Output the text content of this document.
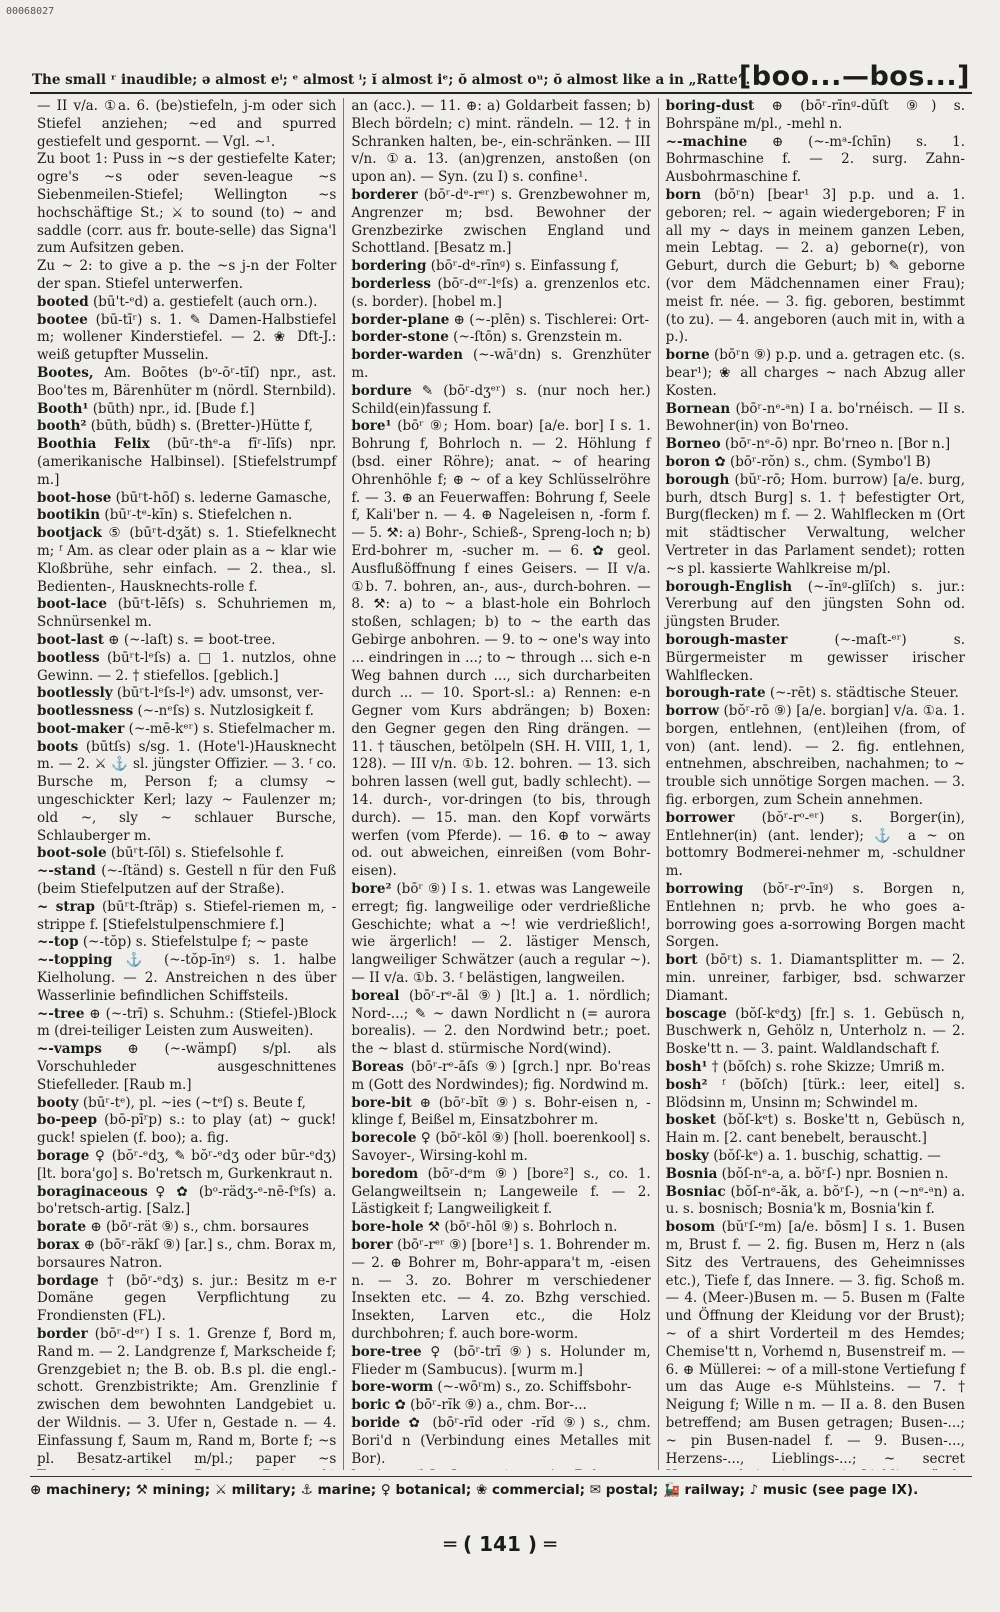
00068027
The small ʳ inaudible; ə almost eⁱ; ᵉ almost ⁱ; ĭ almost iᵉ; ŏ almost oᵘ; ŏ almost like a in „Ratte“.
[boo...—bos...]

— II v/a. ①a. 6. (be)stiefeln, j-m oder sich Stiefel anziehen; ~ed and spurred gestiefelt und gespornt. — Vgl. ~¹.

Zu boot 1: Puss in ~s der gestiefelte Kater; ogre's ~s oder seven-league ~s Siebenmeilen-Stiefel; Wellington ~s hochschäftige St.; ⚔ to sound (to) ~ and saddle (corr. aus fr. boute-selle) das Signa'l zum Aufsitzen geben.

Zu ~ 2: to give a p. the ~s j-n der Folter der span. Stiefel unterwerfen.

booted (bū't-ᵉd) a. gestiefelt (auch orn.).

bootee (bū-tīʳ) s. 1. ✎ Damen-Halbstiefel m; wollener Kinderstiefel. — 2. ❀ Dft-J.: weiß getupfter Musselin.

Bootes, Am. Boōtes (bᵒ-ōʳ-tīſ) npr., ast. Boo'tes m, Bärenhüter m (nördl. Sternbild).

Booth¹ (būth) npr., id. [Bude f.]

booth² (būth, būdh) s. (Bretter-)Hütte f,

Boothia Felix (būʳ-thᵉ-a fīʳ-līſs) npr. (amerikanische Halbinsel). [Stiefelstrumpf m.]

boot-hose (būʳt-hōſ) s. lederne Gamasche,

bootikin (būʳ-tᵉ-kĭn) s. Stiefelchen n.

bootjack ⑤ (būʳt-dʒăt) s. 1. Stiefelknecht m; ᶠ Am. as clear oder plain as a ~ klar wie Kloßbrühe, sehr einfach. — 2. thea., sl. Bedienten-, Hausknechts-rolle f.

boot-lace (būʳt-lēſs) s. Schuhriemen m, Schnürsenkel m.

boot-last ⊕ (~-laſt) s. = boot-tree.

bootless (būʳt-lᵉſs) a. □ 1. nutzlos, ohne Gewinn. — 2. † stiefellos. [geblich.]

bootlessly (būʳt-lᵉſs-lᵉ) adv. umsonst, ver-

bootlessness (~-nᵉſs) s. Nutzlosigkeit f.

boot-maker (~-mē-kᵉʳ) s. Stiefelmacher m.

boots (būtſs) s/sg. 1. (Hote'l-)Hausknecht m. — 2. ⚔ ⚓ sl. jüngster Offizier. — 3. ᶠ co. Bursche m, Person f; a clumsy ~ ungeschickter Kerl; lazy ~ Faulenzer m; old ~, sly ~ schlauer Bursche, Schlauberger m.

boot-sole (būʳt-ſōl) s. Stiefelsohle f.

~-stand (~-ſtänd) s. Gestell n für den Fuß (beim Stiefelputzen auf der Straße).

~ strap (būʳt-ſträp) s. Stiefel-riemen m, -strippe f. [Stiefelstulpenschmiere f.]

~-top (~-tŏp) s. Stiefelstulpe f; ~ paste

~-topping ⚓ (~-tŏp-īnᵍ) s. 1. halbe Kielholung. — 2. Anstreichen n des über Wasserlinie befindlichen Schiffsteils.

~-tree ⊕ (~-trī) s. Schuhm.: (Stiefel-)Block m (drei-teiliger Leisten zum Ausweiten).

~-vamps ⊕ (~-wämpſ) s/pl. als Vorschuhleder ausgeschnittenes Stiefelleder. [Raub m.]

booty (būʳ-tᵉ), pl. ~ies (~tᵉſ) s. Beute f,

bo-peep (bō-pīʳp) s.: to play (at) ~ guck! guck! spielen (f. boo); a. fig.

borage ♀ (bŏʳ-ᵉdʒ, ✎ bŏʳ-ᵉdʒ oder būr-ᵉdʒ) [lt. bora'go] s. Bo'retsch m, Gurkenkraut n.

boraginaceous ♀ ✿ (bᵒ-rädʒ-ᵉ-nē-ſᵉſs) a. bo'retsch-artig. [Salz.]

borate ⊕ (bōʳ-rät ⑨) s., chm. borsaures

borax ⊕ (bōʳ-räkſ ⑨) [ar.] s., chm. Borax m, borsaures Natron.

bordage † (bōʳ-ᵉdʒ) s. jur.: Besitz m e-r Domäne gegen Verpflichtung zu Frondiensten (FL).

border (bōʳ-dᵉʳ) I s. 1. Grenze f, Bord m, Rand m. — 2. Landgrenze f, Markscheide f; Grenzgebiet n; the B. ob. B.s pl. die engl.-schott. Grenzbistrikte; Am. Grenzlinie f zwischen dem bewohnten Landgebiet u. der Wildnis. — 3. Ufer n, Gestade n. — 4. Einfassung f, Saum m, Rand m, Borte f; ~s pl. Besatz-artikel m/pl.; paper ~s

an (acc.). — 11. ⊕: a) Goldarbeit fassen; b) Blech bördeln; c) mint. rändeln. — 12. † in Schranken halten, be-, ein-schränken. — III v/n. ①a. 13. (an)grenzen, anstoßen (on upon an). — Syn. (zu I) s. confine¹.

borderer (bōʳ-dᵉ-rᵉʳ) s. Grenzbewohner m, Angrenzer m; bsd. Bewohner der Grenzbezirke zwischen England und Schottland. [Besatz m.]

bordering (bōʳ-dᵉ-rīnᵍ) s. Einfassung f,

borderless (bōʳ-dᵉʳ-lᵉſs) a. grenzenlos etc. (s. border). [hobel m.]

border-plane ⊕ (~-plēn) s. Tischlerei: Ort-

border-stone (~-ſtōn) s. Grenzstein m.

border-warden (~-wāʳdn) s. Grenzhüter m.

bordure ✎ (bōʳ-dʒᵉʳ) s. (nur noch her.) Schild(ein)fassung f.

bore¹ (bōʳ ⑨; Hom. boar) [a/e. bor] I s. 1. Bohrung f, Bohrloch n. — 2. Höhlung f (bsd. einer Röhre); anat. ~ of hearing Ohrenhöhle f; ⊕ ~ of a key Schlüsselröhre f. — 3. ⊕ an Feuerwaffen: Bohrung f, Seele f, Kali'ber n. — 4. ⊕ Nageleisen n, -form f. — 5. ⚒: a) Bohr-, Schieß-, Spreng-loch n; b) Erd-bohrer m, -sucher m. — 6. ✿ geol. Ausflußöffnung f eines Geisers. — II v/a. ①b. 7. bohren, an-, aus-, durch-bohren. — 8. ⚒: a) to ~ a blast-hole ein Bohrloch stoßen, schlagen; b) to ~ the earth das Gebirge anbohren. — 9. to ~ one's way into ... eindringen in ...; to ~ through ... sich e-n Weg bahnen durch ..., sich durcharbeiten durch ... — 10. Sport-sl.: a) Rennen: e-n Gegner vom Kurs abdrängen; b) Boxen: den Gegner gegen den Ring drängen. — 11. † täuschen, betölpeln (SH. H. VIII, 1, 1, 128). — III v/n. ①b. 12. bohren. — 13. sich bohren lassen (well gut, badly schlecht). — 14. durch-, vor-dringen (to bis, through durch). — 15. man. den Kopf vorwärts werfen (vom Pferde). — 16. ⊕ to ~ away od. out abweichen, einreißen (vom Bohr-eisen).

bore² (bōʳ ⑨) I s. 1. etwas was Langeweile erregt; fig. langweilige oder verdrießliche Geschichte; what a ~! wie verdrießlich!, wie ärgerlich! — 2. lästiger Mensch, langweiliger Schwätzer (auch a regular ~). — II v/a. ①b. 3. ᶠ belästigen, langweilen.

boreal (bōʳ-rᵉ-āl ⑨) [lt.] a. 1. nördlich; Nord-...; ✎ ~ dawn Nordlicht n (= aurora borealis). — 2. den Nordwind betr.; poet. the ~ blast d. stürmische Nord(wind).

Boreas (bōʳ-rᵉ-āſs ⑨) [grch.] npr. Bo'reas m (Gott des Nordwindes); fig. Nordwind m.

bore-bit ⊕ (bōʳ-bĭt ⑨) s. Bohr-eisen n, -klinge f, Beißel m, Einsatzbohrer m.

borecole ♀ (bōʳ-kōl ⑨) [holl. boerenkool] s. Savoyer-, Wirsing-kohl m.

boredom (bōʳ-dᵉm ⑨) [bore²] s., co. 1. Gelangweiltsein n; Langeweile f. — 2. Lästigkeit f; Langweiligkeit f.

bore-hole ⚒ (bōʳ-hōl ⑨) s. Bohrloch n.

borer (bōʳ-rᵉʳ ⑨) [bore¹] s. 1. Bohrender m. — 2. ⊕ Bohrer m, Bohr-appara't m, -eisen n. — 3. zo. Bohrer m verschiedener Insekten etc. — 4. zo. Bzhg verschied. Insekten, Larven etc., die Holz durchbohren; f. auch bore-worm.

bore-tree ♀ (bōʳ-trī ⑨) s. Holunder m, Flieder m (Sambucus). [wurm m.]

bore-worm (~-wōʳm) s., zo. Schiffsbohr-

boric ✿ (bōʳ-rĭk ⑨) a., chm. Bor-...

boride ✿ (bōʳ-rīd oder -rĭd ⑨) s., chm. Bori'd n (Verbindung eines Metalles mit Bor).

boring-dust ⊕ (bōʳ-rīnᵍ-dŭſt ⑨) s. Bohrspäne m/pl., -mehl n.

~-machine ⊕ (~-mᵃ-ſchīn) s. 1. Bohrmaschine f. — 2. surg. Zahn-Ausbohrmaschine f.

born (bōʳn) [bear¹ 3] p.p. und a. 1. geboren; rel. ~ again wiedergeboren; F in all my ~ days in meinem ganzen Leben, mein Lebtag. — 2. a) geborne(r), von Geburt, durch die Geburt; b) ✎ geborne (vor dem Mädchennamen einer Frau); meist fr. née. — 3. fig. geboren, bestimmt (to zu). — 4. angeboren (auch mit in, with a p.).

borne (bōʳn ⑨) p.p. und a. getragen etc. (s. bear¹); ❀ all charges ~ nach Abzug aller Kosten.

Bornean (bōʳ-nᵉ-ᵃn) I a. bo'rnéisch. — II s. Bewohner(in) von Bo'rneo.

Borneo (bōʳ-nᵉ-ō) npr. Bo'rneo n. [Bor n.]

boron ✿ (bōʳ-rŏn) s., chm. (Symbo'l B)

borough (bŭʳ-rō; Hom. burrow) [a/e. burg, burh, dtsch Burg] s. 1. † befestigter Ort, Burg(flecken) m f. — 2. Wahlflecken m (Ort mit städtischer Verwaltung, welcher Vertreter in das Parlament sendet); rotten ~s pl. kassierte Wahlkreise m/pl.

borough-English (~-ĭnᵍ-glĭſch) s. jur.: Vererbung auf den jüngsten Sohn od. jüngsten Bruder.

borough-master	(~-maſt-ᵉʳ) s. Bürgermeister m gewisser irischer Wahlflecken.

borough-rate (~-rēt) s. städtische Steuer.

borrow (bŏʳ-rō ⑨) [a/e. borgian] v/a. ①a. 1. borgen, entlehnen, (ent)leihen (from, of von) (ant. lend). — 2. fig. entlehnen, entnehmen, abschreiben, nachahmen; to ~ trouble sich unnötige Sorgen machen. — 3. fig. erborgen, zum Schein annehmen.

borrower (bŏʳ-rᵒ-ᵉʳ) s. Borger(in), Entlehner(in) (ant. lender); ⚓ a ~ on bottomry Bodmerei-nehmer m, -schuldner m.

borrowing (bŏʳ-rᵒ-īnᵍ) s. Borgen n, Entlehnen n; prvb. he who goes a-borrowing goes a-sorrowing Borgen macht Sorgen.

bort (bōʳt) s. 1. Diamantsplitter m. — 2. min. unreiner, farbiger, bsd. schwarzer Diamant.

boscage (bŏſ-kᵉdʒ) [fr.] s. 1. Gebüsch n, Buschwerk n, Gehölz n, Unterholz n. — 2. Boske'tt n. — 3. paint. Waldlandschaft f.

bosh¹ † (bŏſch) s. rohe Skizze; Umriß m.

bosh² ᶠ (bŏſch) [türk.: leer, eitel] s. Blödsinn m, Unsinn m; Schwindel m.

bosket (bŏſ-kᵉt) s. Boske'tt n, Gebüsch n, Hain m. [2. cant benebelt, berauscht.]

bosky (bŏſ-kᵉ) a. 1. buschig, schattig. —

Bosnia (bŏſ-nᵉ-a, a. bŏʳſ-) npr. Bosnien n.

Bosniac (bŏſ-nᵉ-ăk, a. bŏʳſ-), ~n (~nᵉ-ᵃn) a. u. s. bosnisch; Bosnia'k m, Bosnia'kin f.

bosom (bŭʳſ-ᵉm) [a/e. bōsm] I s. 1. Busen m, Brust f. — 2. fig. Busen m, Herz n (als Sitz des Vertrauens, des Geheimnisses etc.), Tiefe f, das Innere. — 3. fig. Schoß m. — 4. (Meer-)Busen m. — 5. Busen m (Falte und Öffnung der Kleidung vor der Brust); ~ of a shirt Vorderteil m des Hemdes; Chemise'tt n, Vorhemd n, Busenstreif m. — 6. ⊕ Müllerei: ~ of a mill-stone Vertiefung f um das Auge e-s Mühlsteins. — 7. † Neigung f; Wille n m. — II a. 8. den Busen betreffend; am Busen getragen; Busen-...; ~ pin Busen-nadel f. — 9. Busen-..., Herzens-..., Lieblings-...; ~ secret

⊕ machinery; ⚒ mining; ⚔ military; ⚓ marine; ♀ botanical; ❀ commercial; ✉ postal; 🚂 railway; ♪ music (see page IX).
═ ( 141 ) ═
